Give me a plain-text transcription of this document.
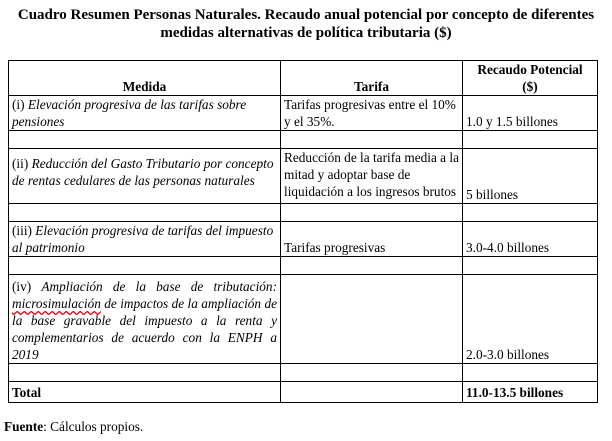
Cuadro Resumen Personas Naturales. Recaudo anual potencial por concepto de diferentes medidas alternativas de política tributaria ($)
Medida	Tarifa	Recaudo Potencial
($)

(i) Elevación progresiva de las tarifas sobre pensiones	Tarifas progresivas entre el 10% y el 35%.	1.0 y 1.5 billones

(ii) Reducción del Gasto Tributario por concepto de rentas cedulares de las personas naturales	Reducción de la tarifa media a la mitad y adoptar base de liquidación a los ingresos brutos	5 billones

(iii) Elevación progresiva de tarifas del impuesto al patrimonio	Tarifas progresivas	3.0-4.0 billones

(iv) Ampliación de la base de tributación: microsimulación de impactos de la ampliación de la base gravable del impuesto a la renta y complementarios de acuerdo con la ENPH a 2019		2.0-3.0 billones

Total		11.0-13.5 billones
Fuente: Cálculos propios.
